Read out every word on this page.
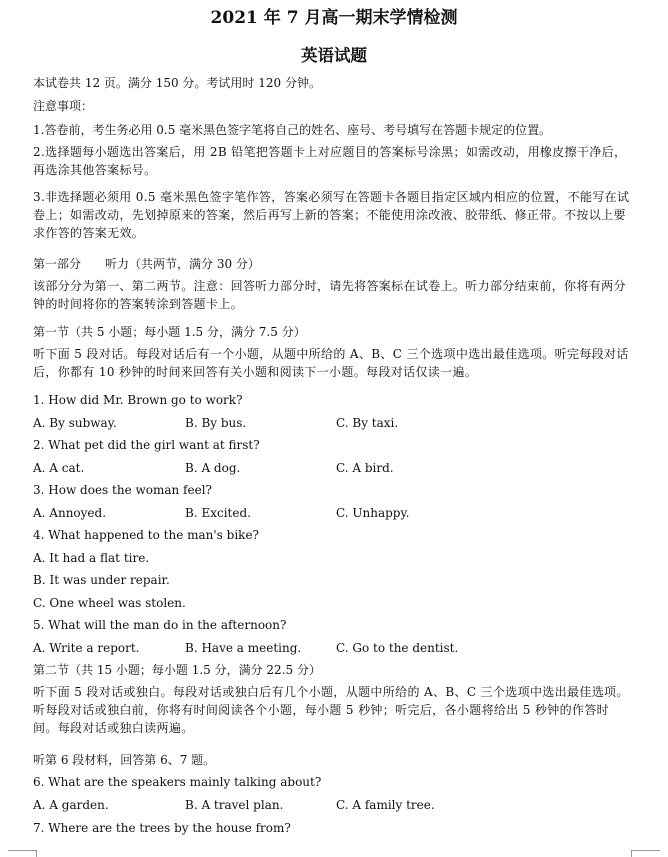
2021 年 7 月高一期末学情检测
英语试题
本试卷共 12 页。满分 150 分。考试用时 120 分钟。
注意事项：
1.答卷前，考生务必用 0.5 毫米黑色签字笔将自己的姓名、座号、考号填写在答题卡规定的位置。
2.选择题每小题选出答案后，用 2B 铅笔把答题卡上对应题目的答案标号涂黑；如需改动，用橡皮擦干净后，再选涂其他答案标号。
3.非选择题必须用 0.5 毫米黑色签字笔作答，答案必须写在答题卡各题目指定区域内相应的位置，不能写在试卷上；如需改动，先划掉原来的答案，然后再写上新的答案；不能使用涂改液、胶带纸、修正带。不按以上要求作答的答案无效。
第一部分　　听力（共两节，满分 30 分）
该部分分为第一、第二两节。注意：回答听力部分时，请先将答案标在试卷上。听力部分结束前，你将有两分钟的时间将你的答案转涂到答题卡上。
第一节（共 5 小题；每小题 1.5 分，满分 7.5 分）
听下面 5 段对话。每段对话后有一个小题，从题中所给的 A、B、C 三个选项中选出最佳选项。听完每段对话后，你都有 10 秒钟的时间来回答有关小题和阅读下一小题。每段对话仅读一遍。
1. How did Mr. Brown go to work?
A. By subway.	B. By bus.	C. By taxi.
2. What pet did the girl want at first?
A. A cat.	B. A dog.	C. A bird.
3. How does the woman feel?
A. Annoyed.	B. Excited.	C. Unhappy.
4. What happened to the man's bike?
A. It had a flat tire.
B. It was under repair.
C. One wheel was stolen.
5. What will the man do in the afternoon?
A. Write a report.	B. Have a meeting.	C. Go to the dentist.
第二节（共 15 小题；每小题 1.5 分，满分 22.5 分）
听下面 5 段对话或独白。每段对话或独白后有几个小题，从题中所给的 A、B、C 三个选项中选出最佳选项。听每段对话或独白前，你将有时间阅读各个小题，每小题 5 秒钟；听完后，各小题将给出 5 秒钟的作答时间。每段对话或独白读两遍。
听第 6 段材料，回答第 6、7 题。
6. What are the speakers mainly talking about?
A. A garden.	B. A travel plan.	C. A family tree.
7. Where are the trees by the house from?
